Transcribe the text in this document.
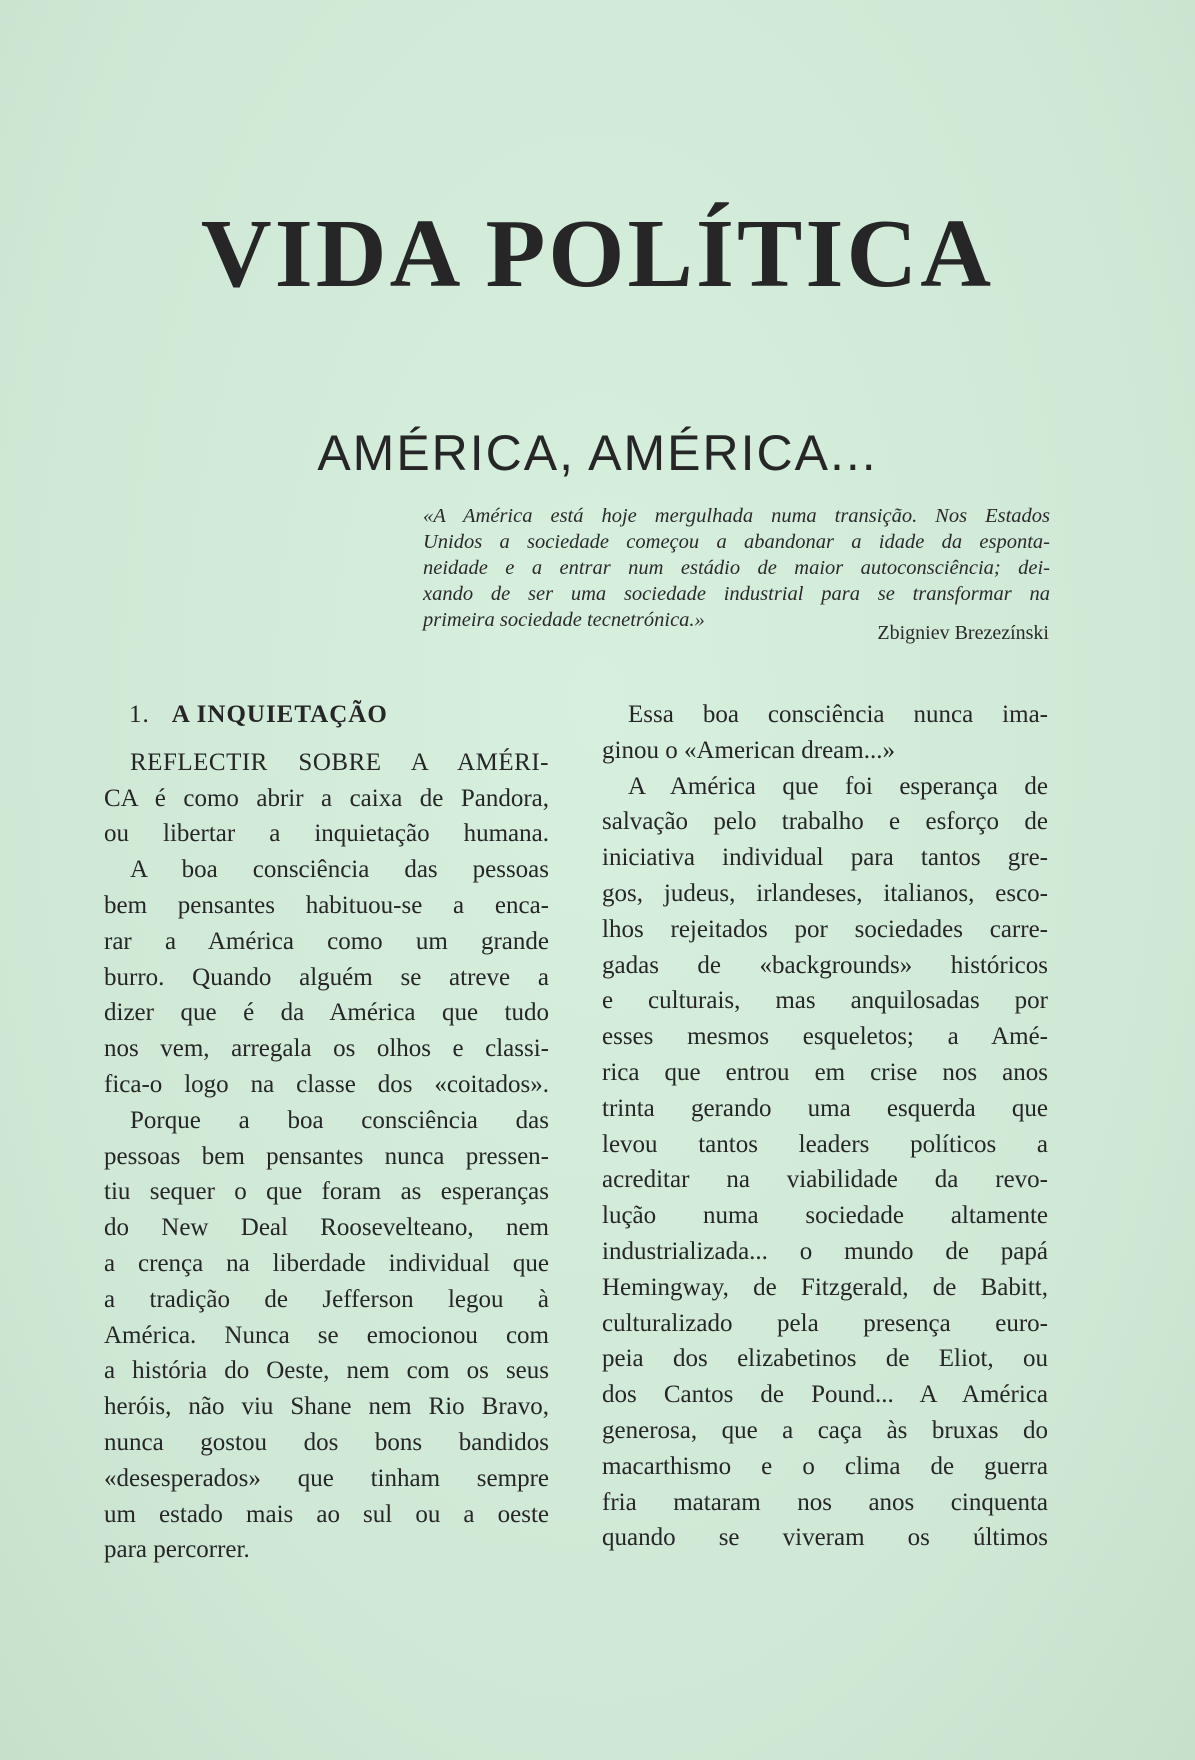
VIDA POLÍTICA
AMÉRICA, AMÉRICA...
«A América está hoje mergulhada numa transição. Nos Estados
Unidos a sociedade começou a abandonar a idade da esponta-
neidade e a entrar num estádio de maior autoconsciência; dei-
xando de ser uma sociedade industrial para se transformar na
primeira sociedade tecnetrónica.»
Zbigniev Brezezínski
1. A INQUIETAÇÃO
REFLECTIR SOBRE A AMÉRI-
CA é como abrir a caixa de Pandora,
ou libertar a inquietação humana.
A boa consciência das pessoas
bem pensantes habituou-se a enca-
rar a América como um grande
burro. Quando alguém se atreve a
dizer que é da América que tudo
nos vem, arregala os olhos e classi-
fica-o logo na classe dos «coitados».
Porque a boa consciência das
pessoas bem pensantes nunca pressen-
tiu sequer o que foram as esperanças
do New Deal Rooseveltеano, nem
a crença na liberdade individual que
a tradição de Jefferson legou à
América. Nunca se emocionou com
a história do Oeste, nem com os seus
heróis, não viu Shane nem Rio Bravo,
nunca gostou dos bons bandidos
«desesperados» que tinham sempre
um estado mais ao sul ou a oeste
para percorrer.
Essa boa consciência nunca ima-
ginou o «American dream...»
A América que foi esperança de
salvação pelo trabalho e esforço de
iniciativa individual para tantos gre-
gos, judeus, irlandeses, italianos, esco-
lhos rejeitados por sociedades carre-
gadas de «backgrounds» históricos
e culturais, mas anquilosadas por
esses mesmos esqueletos; a Amé-
rica que entrou em crise nos anos
trinta gerando uma esquerda que
levou tantos leaders políticos a
acreditar na viabilidade da revo-
lução numa sociedade altamente
industrializada... o mundo de papá
Hemingway, de Fitzgerald, de Babitt,
culturalizado pela presença euro-
peia dos elizabetinos de Eliot, ou
dos Cantos de Pound... A América
generosa, que a caça às bruxas do
macarthismo e o clima de guerra
fria mataram nos anos cinquenta
quando se viveram os últimos
